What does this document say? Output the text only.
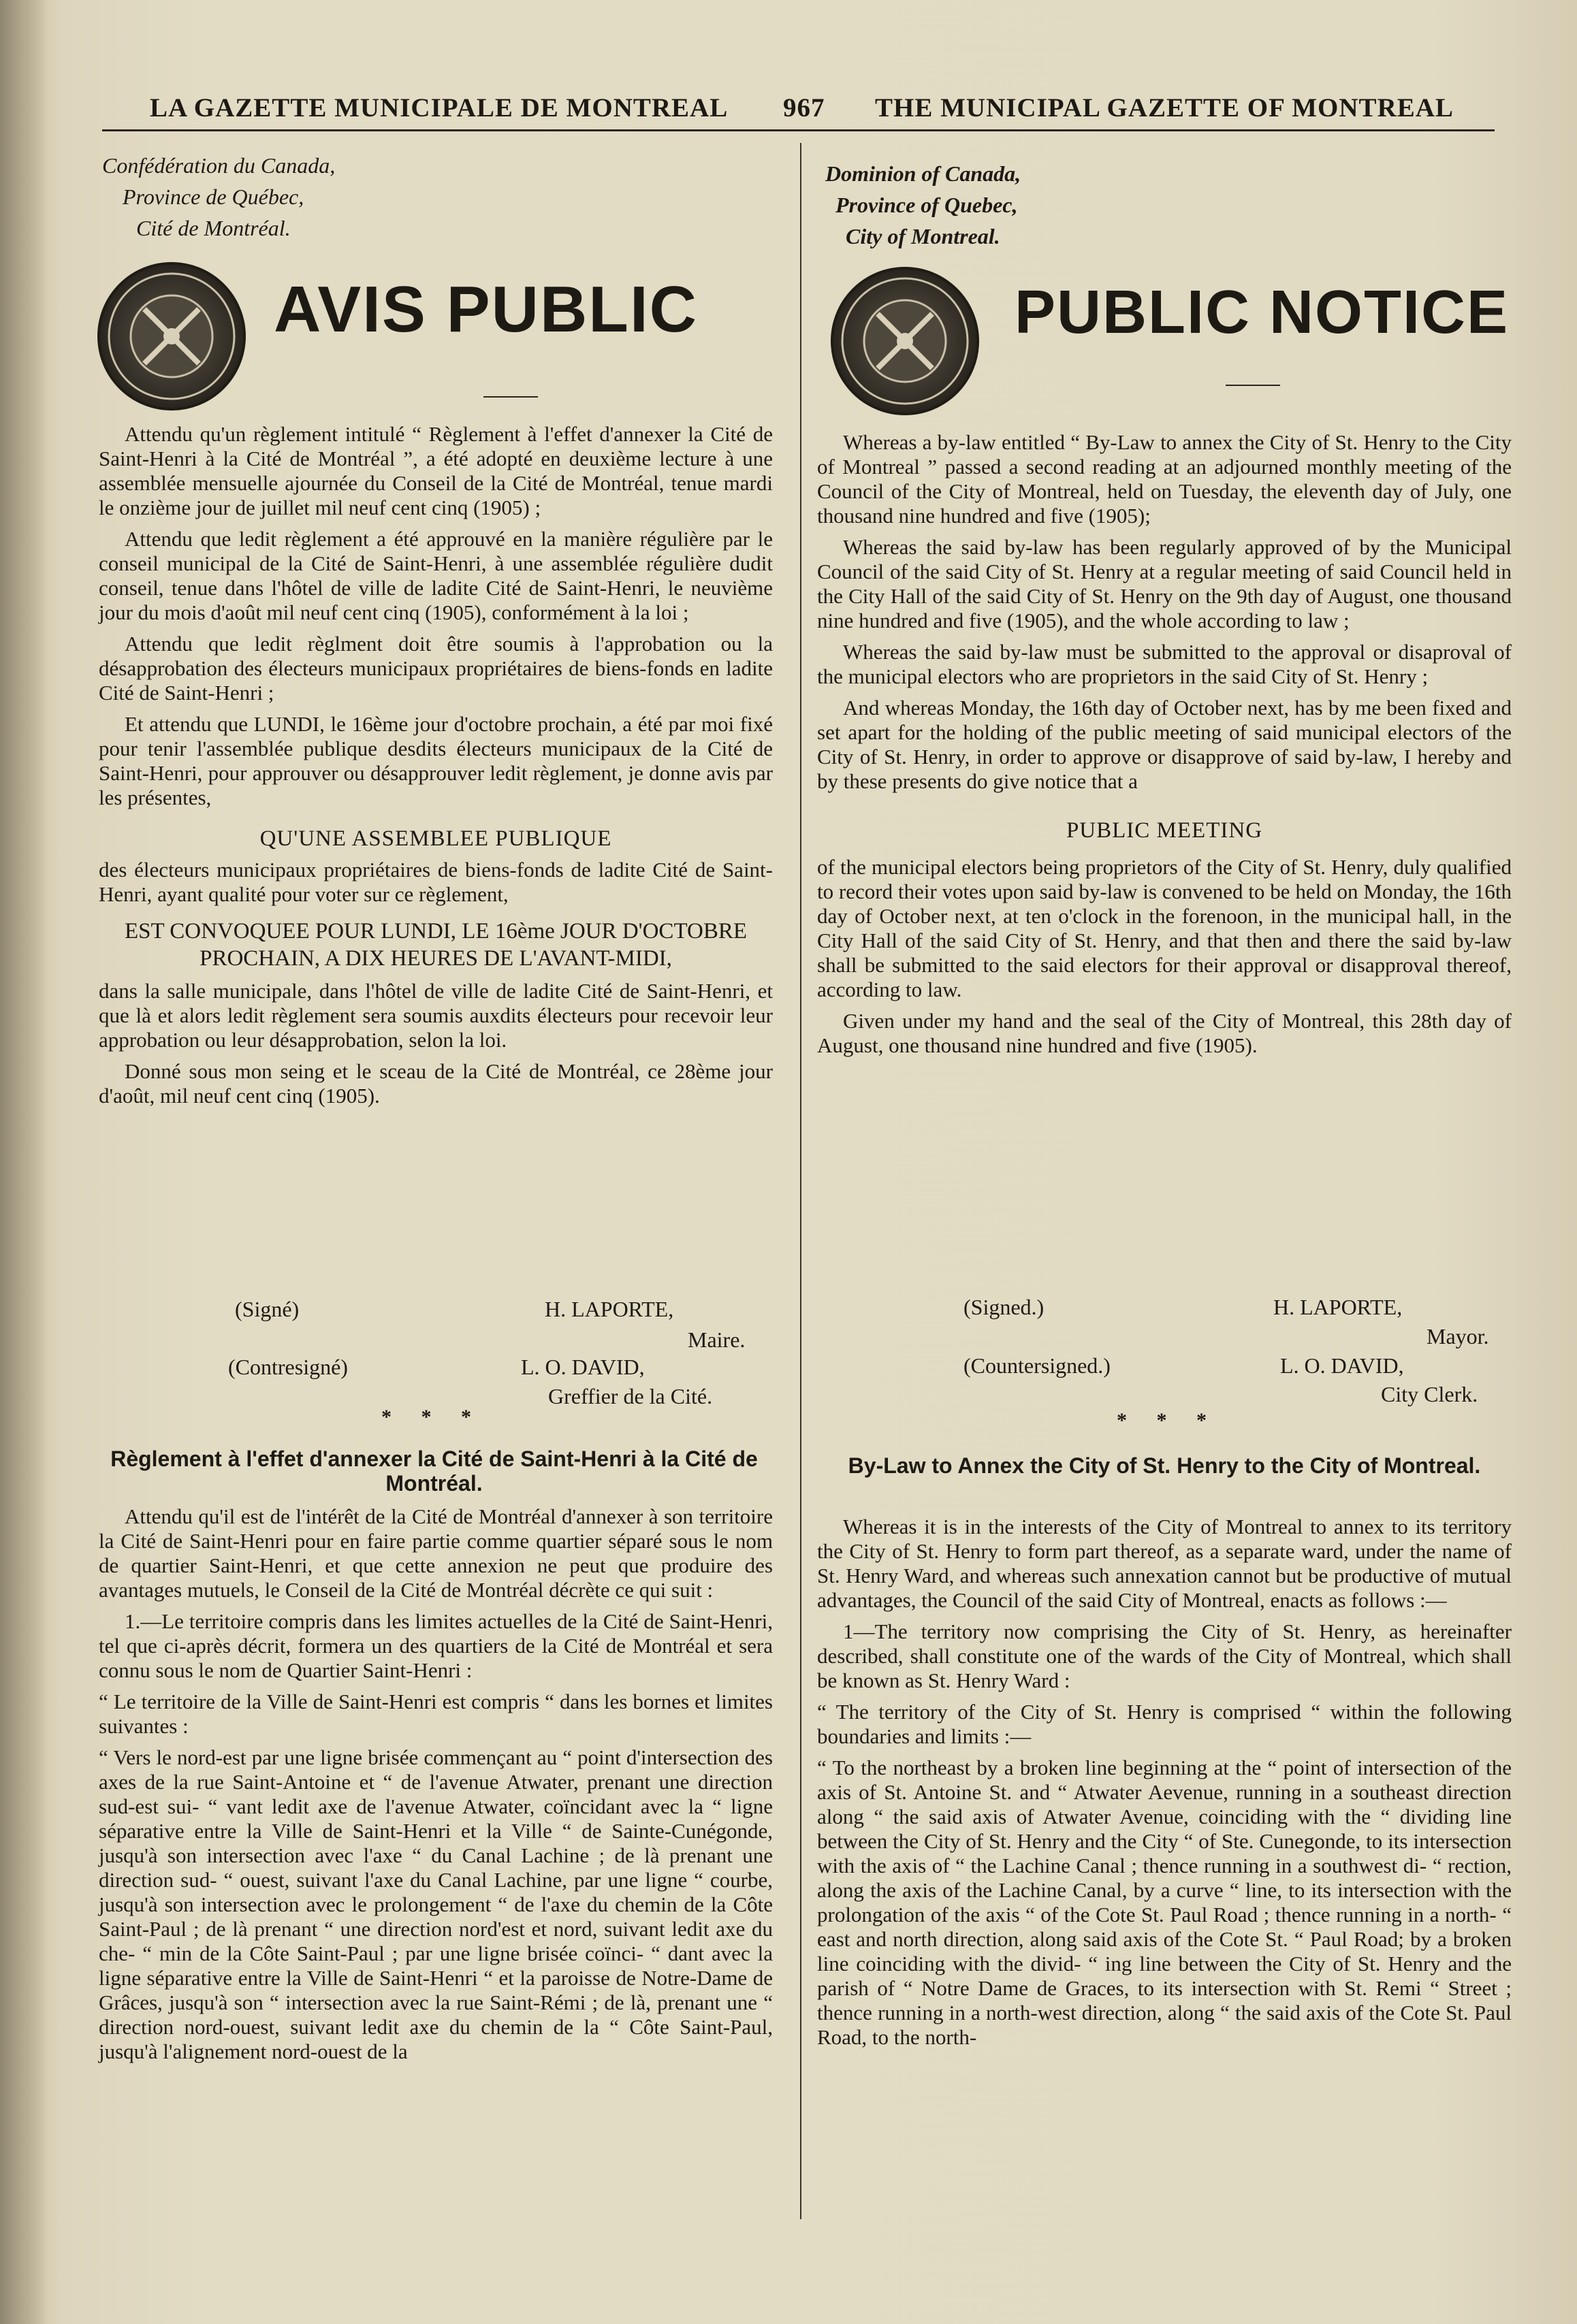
LA GAZETTE MUNICIPALE DE MONTREAL 967 THE MUNICIPAL GAZETTE OF MONTREAL
Confédération du Canada,
Province de Québec,
Cité de Montréal.
AVIS PUBLIC

Attendu qu'un règlement intitulé “ Règlement à l'effet d'annexer la Cité de Saint-Henri à la Cité de Montréal ”, a été adopté en deuxième lecture à une assemblée mensuelle ajournée du Conseil de la Cité de Montréal, tenue mardi le onzième jour de juillet mil neuf cent cinq (1905) ;

Attendu que ledit règlement a été approuvé en la manière régulière par le conseil municipal de la Cité de Saint-Henri, à une assemblée régulière dudit conseil, tenue dans l'hôtel de ville de ladite Cité de Saint-Henri, le neuvième jour du mois d'août mil neuf cent cinq (1905), conformément à la loi ;

Attendu que ledit règlment doit être soumis à l'approbation ou la désapprobation des électeurs municipaux propriétaires de biens-fonds en ladite Cité de Saint-Henri ;

Et attendu que LUNDI, le 16ème jour d'octobre prochain, a été par moi fixé pour tenir l'assemblée publique desdits électeurs municipaux de la Cité de Saint-Henri, pour approuver ou désapprouver ledit règlement, je donne avis par les présentes,

QU'UNE ASSEMBLEE PUBLIQUE

des électeurs municipaux propriétaires de biens-fonds de ladite Cité de Saint-Henri, ayant qualité pour voter sur ce règlement,

EST CONVOQUEE POUR LUNDI, LE 16ème JOUR D'OCTOBRE PROCHAIN, A DIX HEURES DE L'AVANT-MIDI,

dans la salle municipale, dans l'hôtel de ville de ladite Cité de Saint-Henri, et que là et alors ledit règlement sera soumis auxdits électeurs pour recevoir leur approbation ou leur désapprobation, selon la loi.

Donné sous mon seing et le sceau de la Cité de Montréal, ce 28ème jour d'août, mil neuf cent cinq (1905).

(Signé)	H. LAPORTE,
Maire.
(Contresigné)	L. O. DAVID,
Greffier de la Cité.
* * *
Règlement à l'effet d'annexer la Cité de Saint-Henri à la Cité de Montréal.

Attendu qu'il est de l'intérêt de la Cité de Montréal d'annexer à son territoire la Cité de Saint-Henri pour en faire partie comme quartier séparé sous le nom de quartier Saint-Henri, et que cette annexion ne peut que produire des avantages mutuels, le Conseil de la Cité de Montréal décrète ce qui suit :

1.—Le territoire compris dans les limites actuelles de la Cité de Saint-Henri, tel que ci-après décrit, formera un des quartiers de la Cité de Montréal et sera connu sous le nom de Quartier Saint-Henri :

“ Le territoire de la Ville de Saint-Henri est compris “ dans les bornes et limites suivantes :

“ Vers le nord-est par une ligne brisée commençant au “ point d'intersection des axes de la rue Saint-Antoine et “ de l'avenue Atwater, prenant une direction sud-est sui- “ vant ledit axe de l'avenue Atwater, coïncidant avec la “ ligne séparative entre la Ville de Saint-Henri et la Ville “ de Sainte-Cunégonde, jusqu'à son intersection avec l'axe “ du Canal Lachine ; de là prenant une direction sud- “ ouest, suivant l'axe du Canal Lachine, par une ligne “ courbe, jusqu'à son intersection avec le prolongement “ de l'axe du chemin de la Côte Saint-Paul ; de là prenant “ une direction nord'est et nord, suivant ledit axe du che- “ min de la Côte Saint-Paul ; par une ligne brisée coïnci- “ dant avec la ligne séparative entre la Ville de Saint-Henri “ et la paroisse de Notre-Dame de Grâces, jusqu'à son “ intersection avec la rue Saint-Rémi ; de là, prenant une “ direction nord-ouest, suivant ledit axe du chemin de la “ Côte Saint-Paul, jusqu'à l'alignement nord-ouest de la

Dominion of Canada,
Province of Quebec,
City of Montreal.
PUBLIC NOTICE

Whereas a by-law entitled “ By-Law to annex the City of St. Henry to the City of Montreal ” passed a second reading at an adjourned monthly meeting of the Council of the City of Montreal, held on Tuesday, the eleventh day of July, one thousand nine hundred and five (1905);

Whereas the said by-law has been regularly approved of by the Municipal Council of the said City of St. Henry at a regular meeting of said Council held in the City Hall of the said City of St. Henry on the 9th day of August, one thousand nine hundred and five (1905), and the whole according to law ;

Whereas the said by-law must be submitted to the approval or disaproval of the municipal electors who are proprietors in the said City of St. Henry ;

And whereas Monday, the 16th day of October next, has by me been fixed and set apart for the holding of the public meeting of said municipal electors of the City of St. Henry, in order to approve or disapprove of said by-law, I hereby and by these presents do give notice that a

PUBLIC MEETING

of the municipal electors being proprietors of the City of St. Henry, duly qualified to record their votes upon said by-law is convened to be held on Monday, the 16th day of October next, at ten o'clock in the forenoon, in the municipal hall, in the City Hall of the said City of St. Henry, and that then and there the said by-law shall be submitted to the said electors for their approval or disapproval thereof, according to law.

Given under my hand and the seal of the City of Montreal, this 28th day of August, one thousand nine hundred and five (1905).

(Signed.)	H. LAPORTE,
Mayor.
(Countersigned.)	L. O. DAVID,
City Clerk.
* * *
By-Law to Annex the City of St. Henry to the City of Montreal.

Whereas it is in the interests of the City of Montreal to annex to its territory the City of St. Henry to form part thereof, as a separate ward, under the name of St. Henry Ward, and whereas such annexation cannot but be productive of mutual advantages, the Council of the said City of Montreal, enacts as follows :—

1—The territory now comprising the City of St. Henry, as hereinafter described, shall constitute one of the wards of the City of Montreal, which shall be known as St. Henry Ward :

“ The territory of the City of St. Henry is comprised “ within the following boundaries and limits :—

“ To the northeast by a broken line beginning at the “ point of intersection of the axis of St. Antoine St. and “ Atwater Aevenue, running in a southeast direction along “ the said axis of Atwater Avenue, coinciding with the “ dividing line between the City of St. Henry and the City “ of Ste. Cunegonde, to its intersection with the axis of “ the Lachine Canal ; thence running in a southwest di- “ rection, along the axis of the Lachine Canal, by a curve “ line, to its intersection with the prolongation of the axis “ of the Cote St. Paul Road ; thence running in a north- “ east and north direction, along said axis of the Cote St. “ Paul Road; by a broken line coinciding with the divid- “ ing line between the City of St. Henry and the parish of “ Notre Dame de Graces, to its intersection with St. Remi “ Street ; thence running in a north-west direction, along “ the said axis of the Cote St. Paul Road, to the north-
